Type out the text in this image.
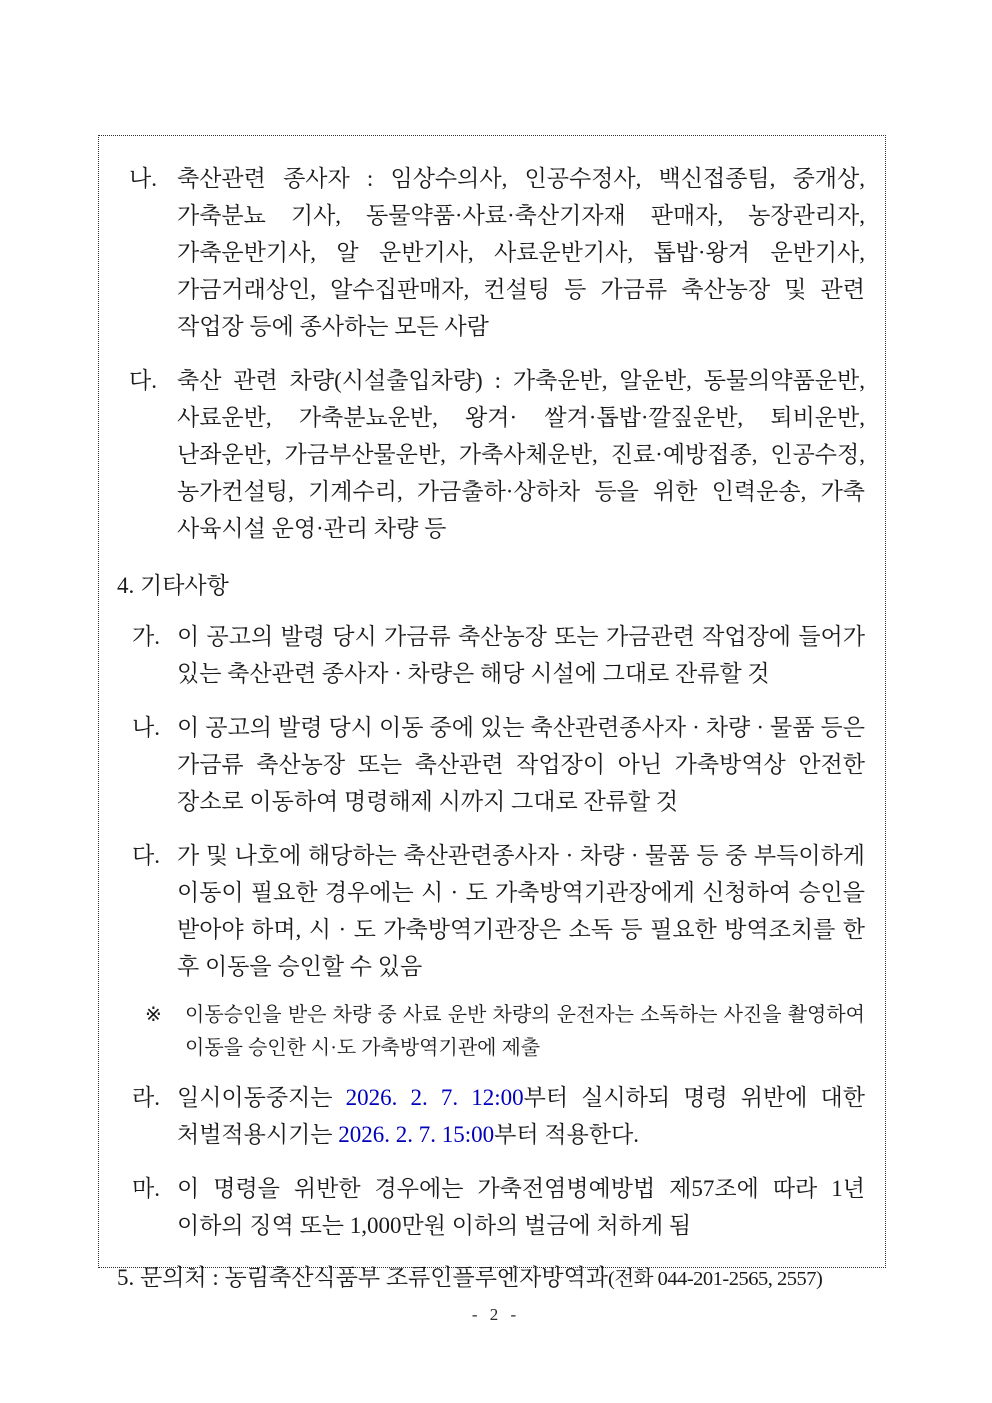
나. 축산관련 종사자 : 임상수의사, 인공수정사, 백신접종팀, 중개상, 가축분뇨 기사, 동물약품·사료·축산기자재 판매자, 농장관리자, 가축운반기사, 알 운반기사, 사료운반기사, 톱밥·왕겨 운반기사, 가금거래상인, 알수집판매자, 컨설팅 등 가금류 축산농장 및 관련 작업장 등에 종사하는 모든 사람

다. 축산 관련 차량(시설출입차량) : 가축운반, 알운반, 동물의약품운반, 사료운반, 가축분뇨운반, 왕겨· 쌀겨·톱밥·깔짚운반, 퇴비운반, 난좌운반, 가금부산물운반, 가축사체운반, 진료·예방접종, 인공수정, 농가컨설팅, 기계수리, 가금출하·상하차 등을 위한 인력운송, 가축 사육시설 운영·관리 차량 등

4. 기타사항

가. 이 공고의 발령 당시 가금류 축산농장 또는 가금관련 작업장에 들어가 있는 축산관련 종사자 · 차량은 해당 시설에 그대로 잔류할 것

나. 이 공고의 발령 당시 이동 중에 있는 축산관련종사자 · 차량 · 물품 등은 가금류 축산농장 또는 축산관련 작업장이 아닌 가축방역상 안전한 장소로 이동하여 명령해제 시까지 그대로 잔류할 것

다. 가 및 나호에 해당하는 축산관련종사자 · 차량 · 물품 등 중 부득이하게 이동이 필요한 경우에는 시 · 도 가축방역기관장에게 신청하여 승인을 받아야 하며, 시 · 도 가축방역기관장은 소독 등 필요한 방역조치를 한 후 이동을 승인할 수 있음

※ 이동승인을 받은 차량 중 사료 운반 차량의 운전자는 소독하는 사진을 촬영하여 이동을 승인한 시·도 가축방역기관에 제출

라. 일시이동중지는 2026. 2. 7. 12:00부터 실시하되 명령 위반에 대한 처벌적용시기는 2026. 2. 7. 15:00부터 적용한다.

마. 이 명령을 위반한 경우에는 가축전염병예방법 제57조에 따라 1년 이하의 징역 또는 1,000만원 이하의 벌금에 처하게 됨

5. 문의처 : 농림축산식품부 조류인플루엔자방역과(전화 044-201-2565, 2557)

- 2 -
